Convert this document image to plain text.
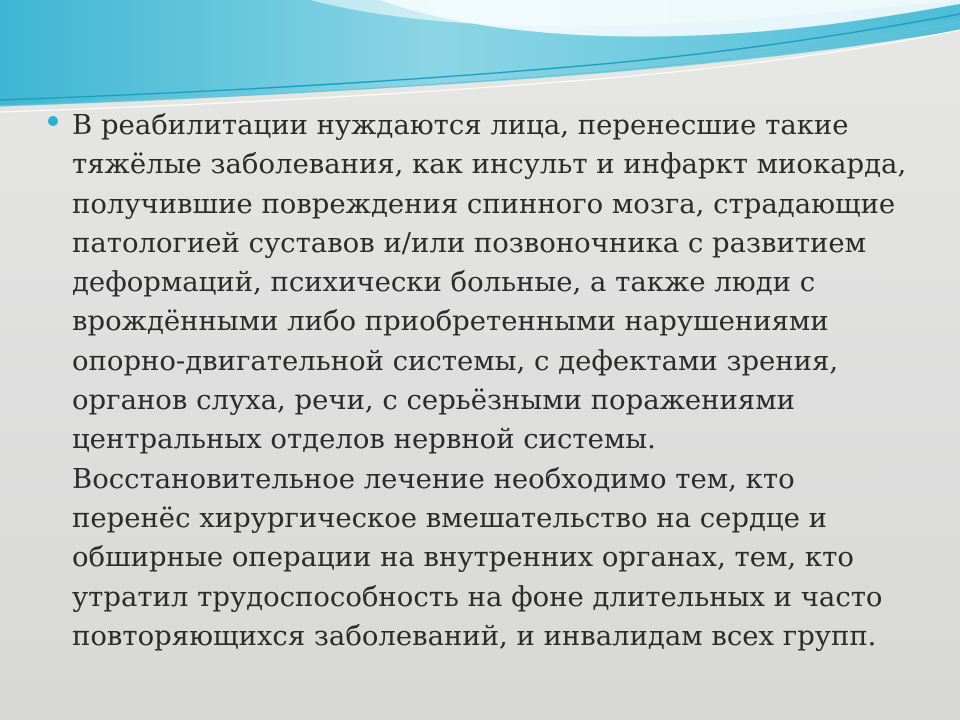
В реабилитации нуждаются лица, перенесшие такие
тяжёлые заболевания, как инсульт и инфаркт миокарда,
получившие повреждения спинного мозга, страдающие
патологией суставов и/или позвоночника с развитием
деформаций, психически больные, а также люди с
врождёнными либо приобретенными нарушениями
опорно-двигательной системы, с дефектами зрения,
органов слуха, речи, с серьёзными поражениями
центральных отделов нервной системы.
Восстановительное лечение необходимо тем, кто
перенёс хирургическое вмешательство на сердце и
обширные операции на внутренних органах, тем, кто
утратил трудоспособность на фоне длительных и часто
повторяющихся заболеваний, и инвалидам всех групп.
